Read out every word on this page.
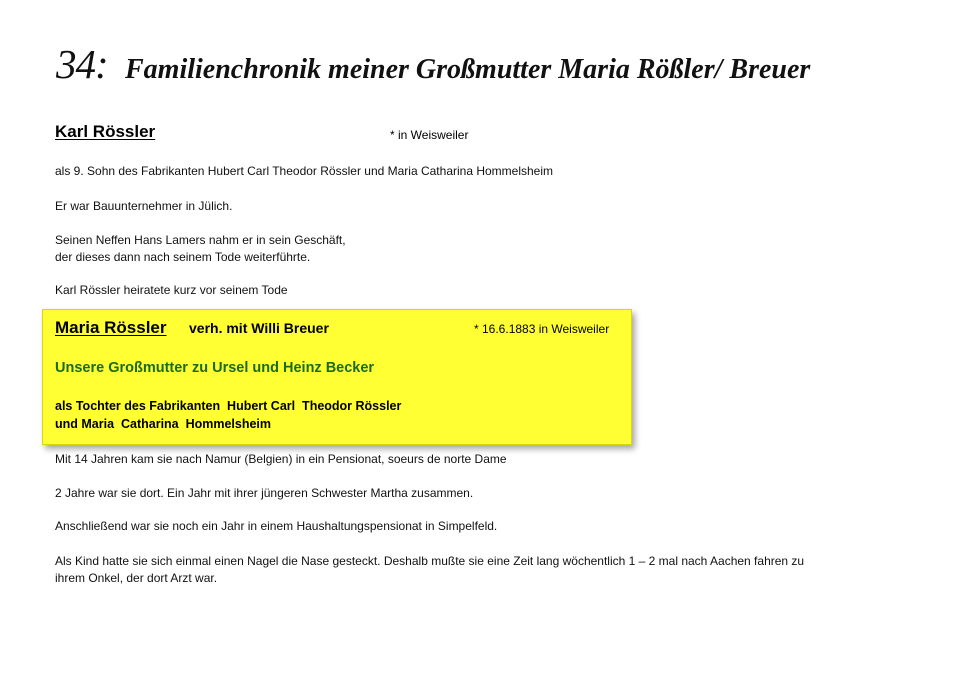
34: Familienchronik meiner Großmutter Maria Rößler/ Breuer
Karl Rössler	* in Weisweiler
als 9. Sohn des Fabrikanten Hubert Carl Theodor Rössler und Maria Catharina Hommelsheim
Er war Bauunternehmer in Jülich.
Seinen Neffen Hans Lamers nahm er in sein Geschäft,
der dieses dann nach seinem Tode weiterführte.
Karl Rössler heiratete kurz vor seinem Tode
Maria Rössler verh. mit Willi Breuer	* 16.6.1883 in Weisweiler
Unsere Großmutter zu Ursel und Heinz Becker
als Tochter des Fabrikanten  Hubert Carl  Theodor Rössler
und Maria  Catharina  Hommelsheim
Mit 14 Jahren kam sie nach Namur (Belgien) in ein Pensionat, soeurs de norte Dame
2 Jahre war sie dort. Ein Jahr mit ihrer jüngeren Schwester Martha zusammen.
Anschließend war sie noch ein Jahr in einem Haushaltungspensionat in Simpelfeld.
Als Kind hatte sie sich einmal einen Nagel die Nase gesteckt. Deshalb mußte sie eine Zeit lang wöchentlich 1 – 2 mal nach Aachen fahren zu
ihrem Onkel, der dort Arzt war.
